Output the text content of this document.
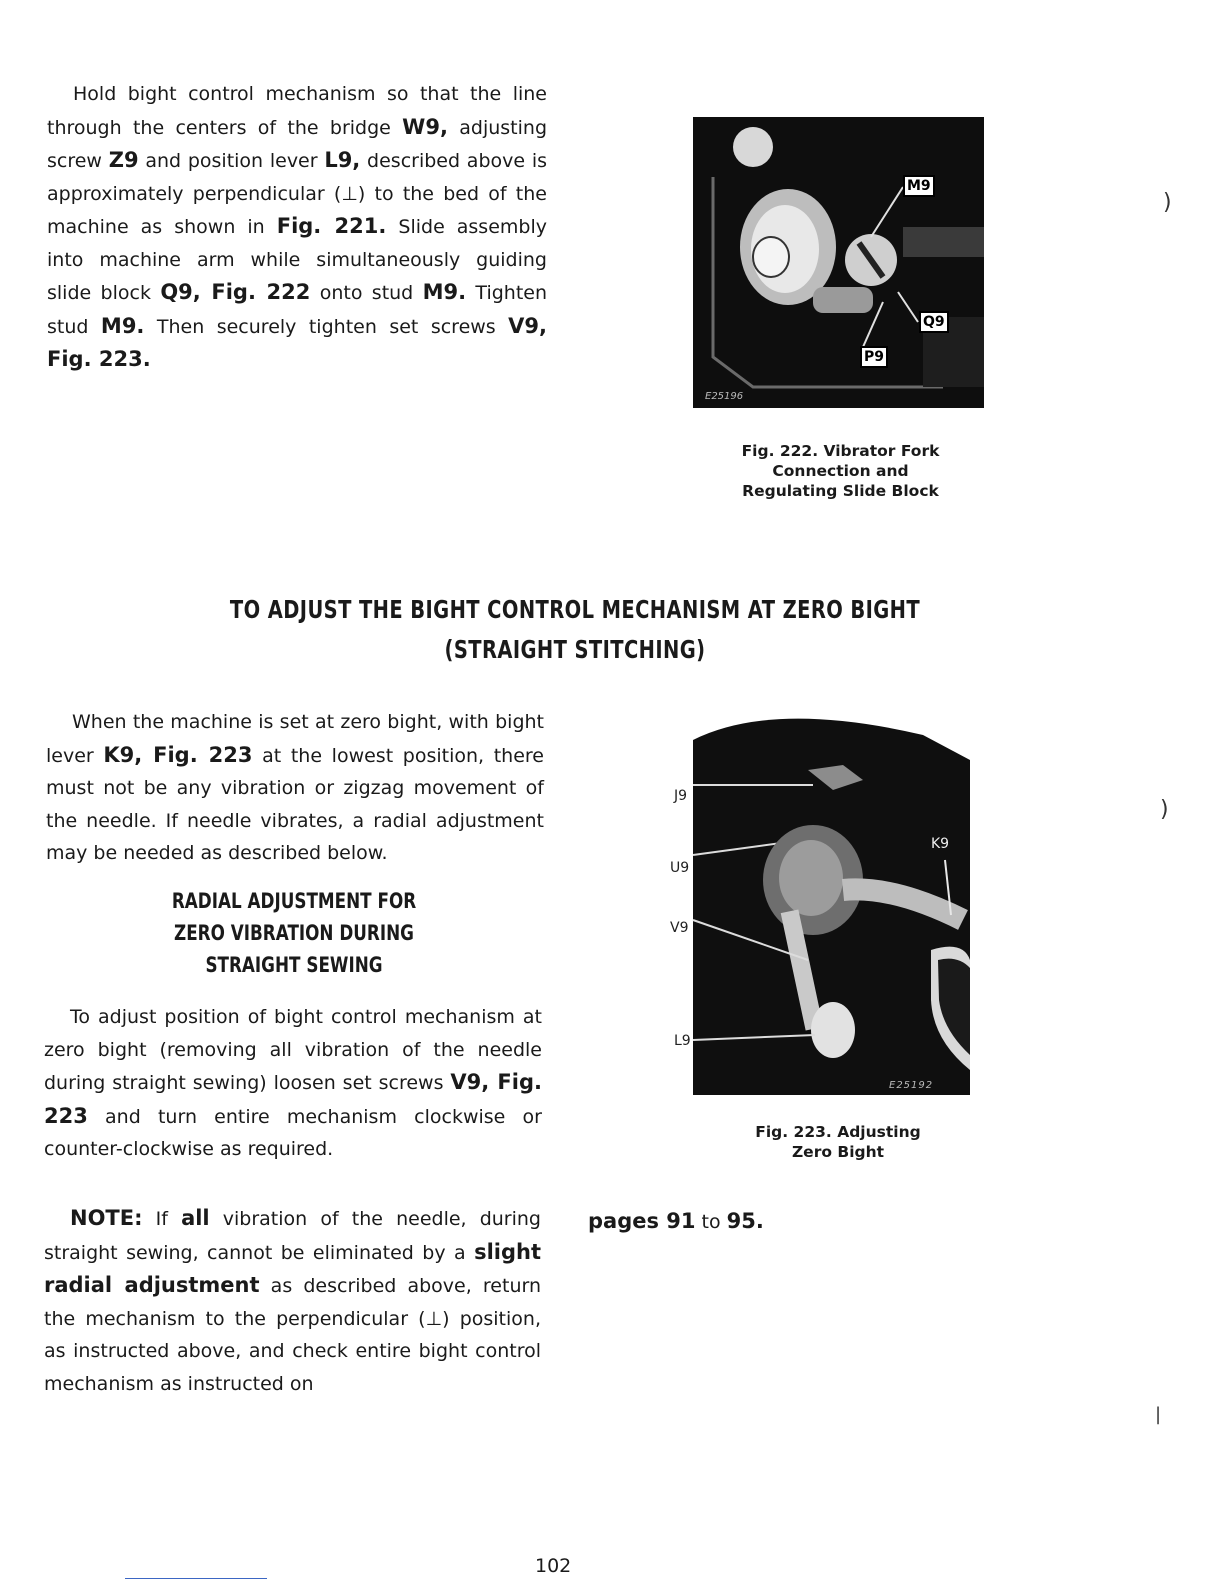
Hold bight control mechanism so that the line through the centers of the bridge W9, adjusting screw Z9 and position lever L9, described above is approximately perpendicular (⊥) to the bed of the machine as shown in Fig. 221. Slide assembly into machine arm while simultaneously guiding slide block Q9, Fig. 222 onto stud M9. Tighten stud M9. Then securely tighten set screws V9, Fig. 223.

M9
Q9
P9
E25196

Fig. 222. Vibrator Fork Connection and Regulating Slide Block

)
TO ADJUST THE BIGHT CONTROL MECHANISM AT ZERO BIGHT
(STRAIGHT STITCHING)

When the machine is set at zero bight, with bight lever K9, Fig. 223 at the lowest position, there must not be any vibration or zigzag movement of the needle. If needle vibrates, a radial adjustment may be needed as described below.

RADIAL ADJUSTMENT FOR
ZERO VIBRATION DURING
STRAIGHT SEWING

To adjust position of bight control mechanism at zero bight (removing all vibration of the needle during straight sewing) loosen set screws V9, Fig. 223 and turn entire mechanism clockwise or counter-clockwise as required.

J9
U9
V9
L9
K9
E25192

Fig. 223. Adjusting Zero Bight

)

NOTE: If all vibration of the needle, during straight sewing, cannot be eliminated by a slight radial adjustment as described above, return the mechanism to the perpendicular (⊥) position, as instructed above, and check entire bight control mechanism as instructed on

pages 91 to 95.

|
102
